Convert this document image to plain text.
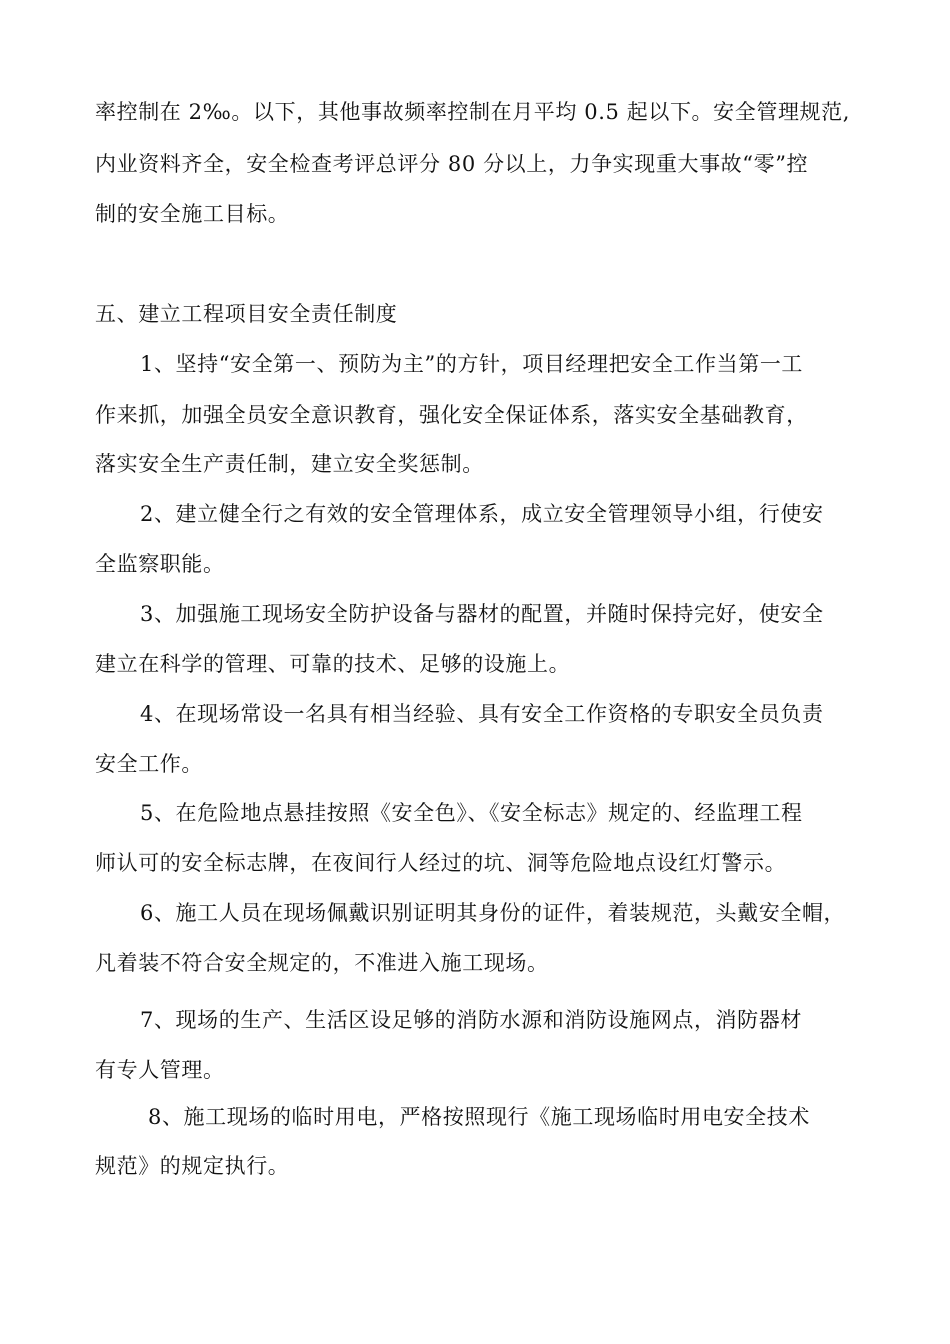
率控制在 2‰。以下，其他事故频率控制在月平均 0.5 起以下。安全管理规范,
内业资料齐全，安全检查考评总评分 80 分以上，力争实现重大事故“零”控
制的安全施工目标。
五、建立工程项目安全责任制度
1、坚持“安全第一、预防为主”的方针，项目经理把安全工作当第一工
作来抓，加强全员安全意识教育，强化安全保证体系，落实安全基础教育，
落实安全生产责任制，建立安全奖惩制。
2、建立健全行之有效的安全管理体系，成立安全管理领导小组，行使安
全监察职能。
3、加强施工现场安全防护设备与器材的配置，并随时保持完好，使安全
建立在科学的管理、可靠的技术、足够的设施上。
4、在现场常设一名具有相当经验、具有安全工作资格的专职安全员负责
安全工作。
5、在危险地点悬挂按照《安全色》、《安全标志》规定的、经监理工程
师认可的安全标志牌，在夜间行人经过的坑、洞等危险地点设红灯警示。
6、施工人员在现场佩戴识别证明其身份的证件，着装规范，头戴安全帽，
凡着装不符合安全规定的，不准进入施工现场。
7、现场的生产、生活区设足够的消防水源和消防设施网点，消防器材
有专人管理。
8、施工现场的临时用电，严格按照现行《施工现场临时用电安全技术
规范》的规定执行。
